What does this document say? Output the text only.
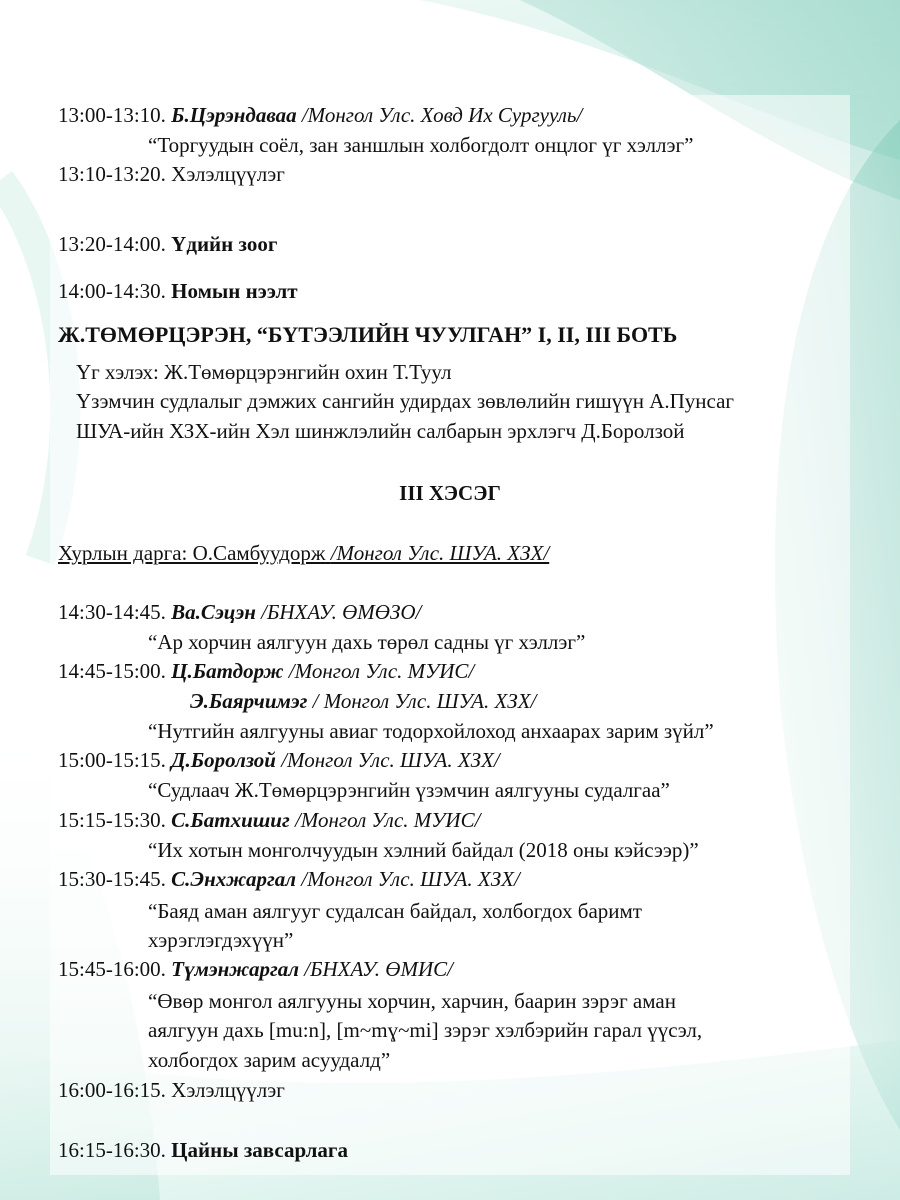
13:00-13:10. Б.Цэрэндаваа /Монгол Улс. Ховд Их Сургууль/
“Торгуудын соёл, зан заншлын холбогдолт онцлог үг хэллэг”
13:10-13:20. Хэлэлцүүлэг
13:20-14:00. Үдийн зоог
14:00-14:30. Номын нээлт
Ж.ТӨМӨРЦЭРЭН, “БҮТЭЭЛИЙН ЧУУЛГАН” I, II, III БОТЬ
Үг хэлэх: Ж.Төмөрцэрэнгийн охин Т.Туул
Үзэмчин судлалыг дэмжих сангийн удирдах зөвлөлийн гишүүн А.Пунсаг
ШУА-ийн ХЗХ-ийн Хэл шинжлэлийн салбарын эрхлэгч Д.Боролзой
III ХЭСЭГ
Хурлын дарга: О.Самбуудорж /Монгол Улс. ШУА. ХЗХ/
14:30-14:45. Ва.Сэцэн /БНХАУ. ӨМӨЗО/
“Ар хорчин аялгуун дахь төрөл садны үг хэллэг”
14:45-15:00. Ц.Батдорж /Монгол Улс. МУИС/
Э.Баярчимэг / Монгол Улс. ШУА. ХЗХ/
“Нутгийн аялгууны авиаг тодорхойлоход анхаарах зарим зүйл”
15:00-15:15. Д.Боролзой /Монгол Улс. ШУА. ХЗХ/
“Судлаач Ж.Төмөрцэрэнгийн үзэмчин аялгууны судалгаа”
15:15-15:30. С.Батхишиг /Монгол Улс. МУИС/
“Их хотын монголчуудын хэлний байдал (2018 оны кэйсээр)”
15:30-15:45. С.Энхжаргал /Монгол Улс. ШУА. ХЗХ/
“Баяд аман аялгууг судалсан байдал, холбогдох баримт
хэрэглэгдэхүүн”
15:45-16:00. Түмэнжаргал /БНХАУ. ӨМИС/
“Өвөр монгол аялгууны хорчин, харчин, баарин зэрэг аман
аялгуун дахь [mu:n], [m~mɣ~mi] зэрэг хэлбэрийн гарал үүсэл,
холбогдох зарим асуудалд”
16:00-16:15. Хэлэлцүүлэг
16:15-16:30. Цайны завсарлага
